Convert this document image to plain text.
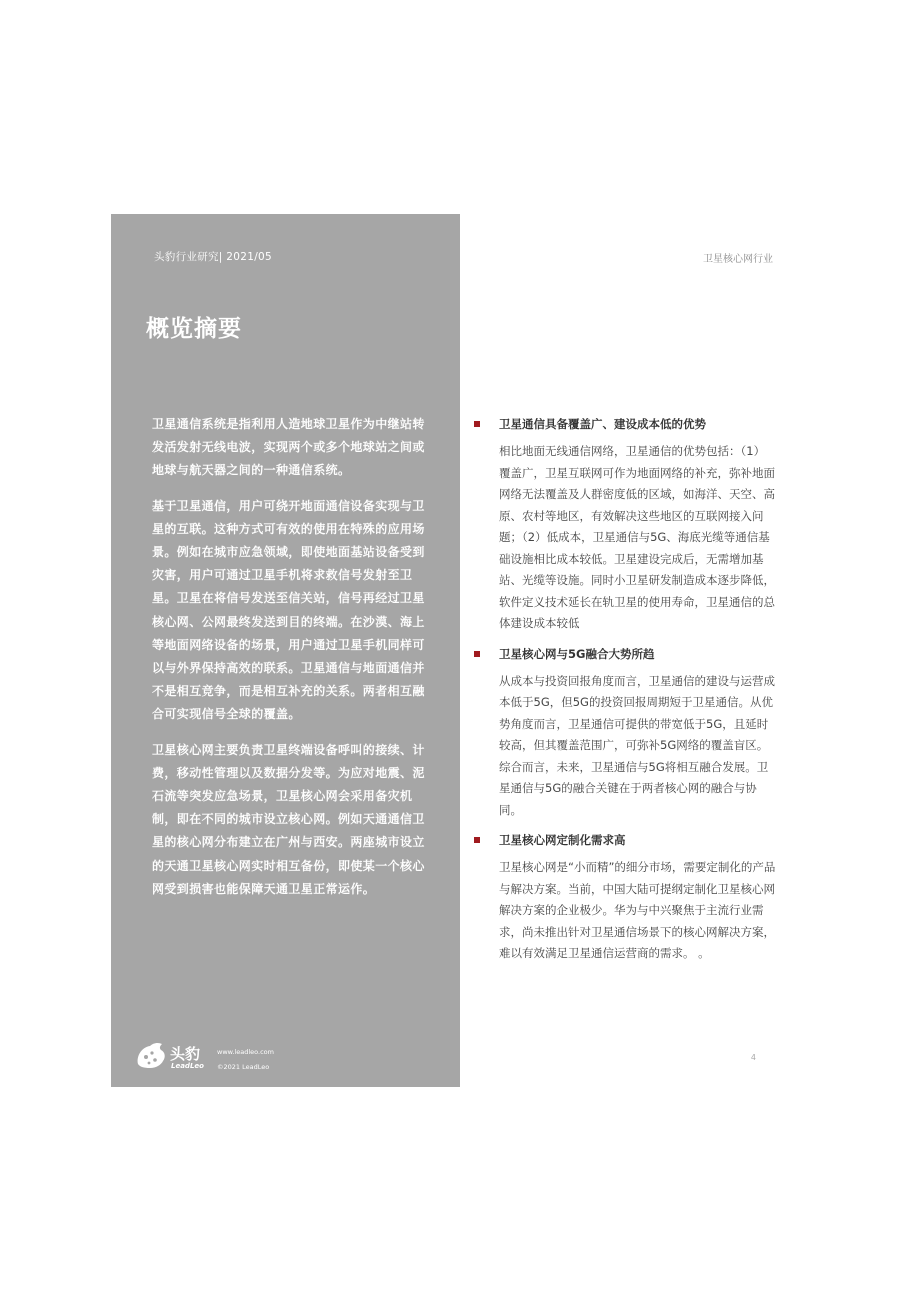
头豹行业研究| 2021/05
概览摘要

卫星通信系统是指利用人造地球卫星作为中继站转发活发射无线电波，实现两个或多个地球站之间或地球与航天器之间的一种通信系统。

基于卫星通信，用户可绕开地面通信设备实现与卫星的互联。这种方式可有效的使用在特殊的应用场景。例如在城市应急领域，即使地面基站设备受到灾害，用户可通过卫星手机将求救信号发射至卫星。卫星在将信号发送至信关站，信号再经过卫星核心网、公网最终发送到目的终端。在沙漠、海上等地面网络设备的场景，用户通过卫星手机同样可以与外界保持高效的联系。卫星通信与地面通信并不是相互竞争，而是相互补充的关系。两者相互融合可实现信号全球的覆盖。

卫星核心网主要负责卫星终端设备呼叫的接续、计费，移动性管理以及数据分发等。为应对地震、泥石流等突发应急场景，卫星核心网会采用备灾机制，即在不同的城市设立核心网。例如天通通信卫星的核心网分布建立在广州与西安。两座城市设立的天通卫星核心网实时相互备份，即使某一个核心网受到损害也能保障天通卫星正常运作。

头豹
LeadLeo
www.leadleo.com
©2021 LeadLeo
卫星核心网行业
卫星通信具备覆盖广、建设成本低的优势

相比地面无线通信网络，卫星通信的优势包括：（1）覆盖广，卫星互联网可作为地面网络的补充，弥补地面网络无法覆盖及人群密度低的区域，如海洋、天空、高原、农村等地区，有效解决这些地区的互联网接入问题；（2）低成本，卫星通信与5G、海底光缆等通信基础设施相比成本较低。卫星建设完成后，无需增加基站、光缆等设施。同时小卫星研发制造成本逐步降低，软件定义技术延长在轨卫星的使用寿命，卫星通信的总体建设成本较低

卫星核心网与5G融合大势所趋

从成本与投资回报角度而言，卫星通信的建设与运营成本低于5G，但5G的投资回报周期短于卫星通信。从优势角度而言，卫星通信可提供的带宽低于5G，且延时较高，但其覆盖范围广，可弥补5G网络的覆盖盲区。综合而言，未来，卫星通信与5G将相互融合发展。卫星通信与5G的融合关键在于两者核心网的融合与协同。

卫星核心网定制化需求高

卫星核心网是“小而精”的细分市场，需要定制化的产品与解决方案。当前，中国大陆可提纲定制化卫星核心网解决方案的企业极少。华为与中兴聚焦于主流行业需求，尚未推出针对卫星通信场景下的核心网解决方案，难以有效满足卫星通信运营商的需求。 。

4
